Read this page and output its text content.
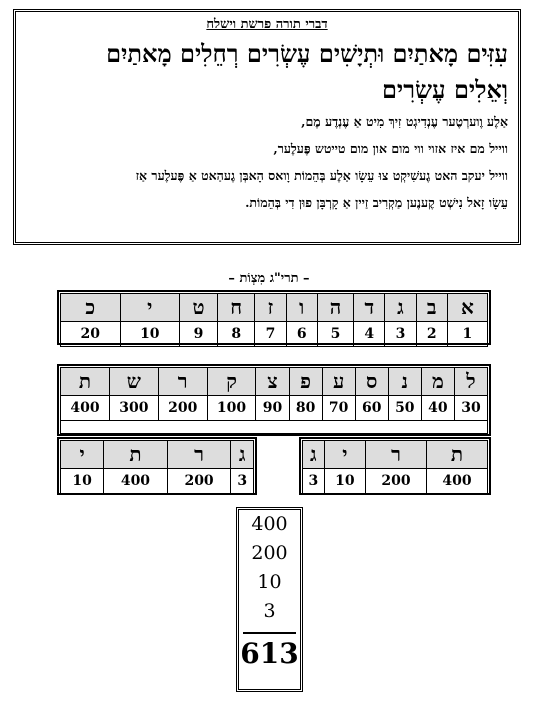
דברי תורה פרשת וישלח

עִזִּים מָאתַיִם וּתְיָשִׁים עֶשְׂרִים רְחֵלִים מָאתַיִם

וְאֵלִים עֶשְׂרִים

אַלֶע וֶוערְטֶער עֶנְדִיגְט זִיךְ מִיט אַ עֶנְדֶע מֶם,

ווייל מם איז אזוי ווי מום און מום טייטש פֶּעלֶער,

ווייל יעקב האט גֶעשִׁיקְט צוּ עֵשָׂו אַלֶע בְּהֵמוֹת וָואס הָאבְּן גֶעהַאט אַ פֶּעלֶער אַז

עֵשָׂו זָאל נִישְׁט קֶענֶען מַקְרִיב זַיין אַ קָרְבָּן פוּן דִי בְּהֵמוֹת.

– תרי"ג מִצְוֹת –
א	ב	ג	ד	ה	ו	ז	ח	ט	י	כ
1	2	3	4	5	6	7	8	9	10	20
ל	מ	נ	ס	ע	פ	צ	ק	ר	ש	ת
30	40	50	60	70	80	90	100	200	300	400
ת	ר	י	ג
400	200	10	3
ג	ר	ת	י
3	200	400	10
400
200
10
3
613
